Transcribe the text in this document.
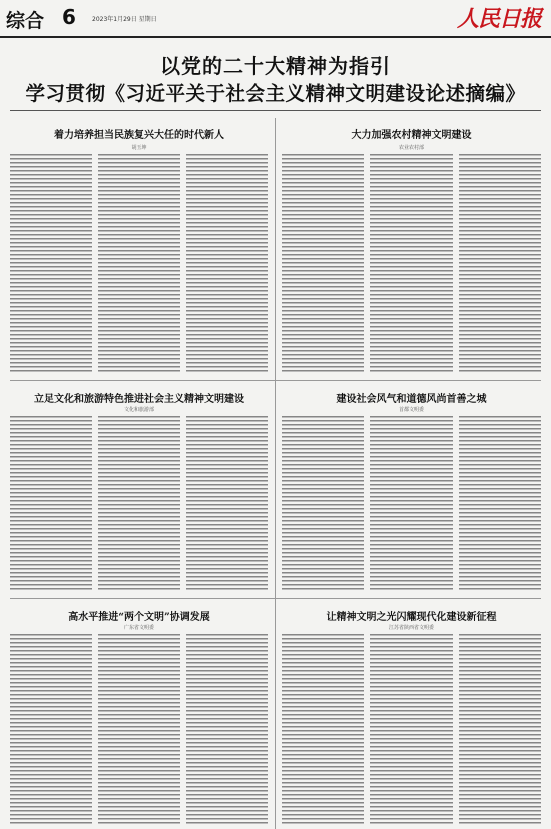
综合 6	2023年1月29日 星期日	人民日报
以党的二十大精神为指引
学习贯彻《习近平关于社会主义精神文明建设论述摘编》
着力培养担当民族复兴大任的时代新人
胡玉坤
大力加强农村精神文明建设
农业农村部
立足文化和旅游特色推进社会主义精神文明建设
文化和旅游部
建设社会风气和道德风尚首善之城
首都文明委
高水平推进“两个文明”协调发展
广东省文明委
让精神文明之光闪耀现代化建设新征程
江苏省陕西省文明委
